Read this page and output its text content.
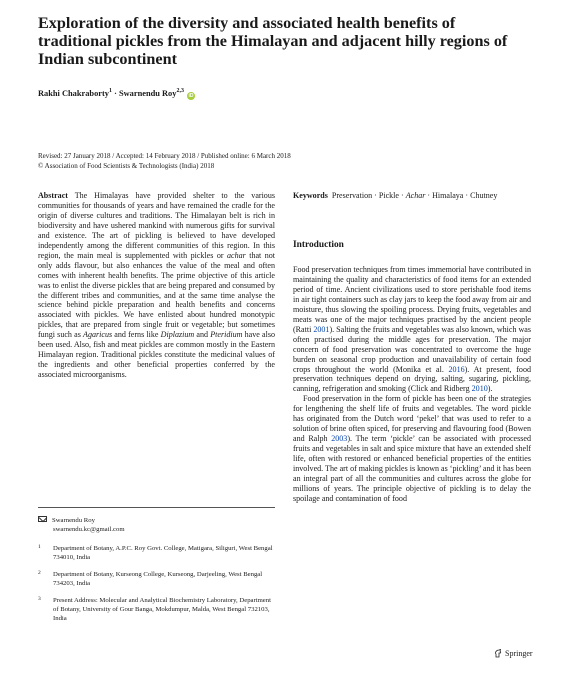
Exploration of the diversity and associated health benefits of traditional pickles from the Himalayan and adjacent hilly regions of Indian subcontinent
Rakhi Chakraborty$^1$ · Swarnendu Roy$^{2,3}$ iD
Revised: 27 January 2018 / Accepted: 14 February 2018 / Published online: 6 March 2018
© Association of Food Scientists & Technologists (India) 2018

Abstract The Himalayas have provided shelter to the various communities for thousands of years and have remained the cradle for the origin of diverse cultures and traditions. The Himalayan belt is rich in biodiversity and have ushered mankind with numerous gifts for survival and existence. The art of pickling is believed to have developed independently among the different communities of this region. In this region, the main meal is supplemented with pickles or achar that not only adds flavour, but also enhances the value of the meal and often comes with inherent health benefits. The prime objective of this article was to enlist the diverse pickles that are being prepared and consumed by the different tribes and communities, and at the same time analyse the science behind pickle preparation and health benefits and concerns associated with pickles. We have enlisted about hundred monotypic pickles, that are prepared from single fruit or vegetable; but sometimes fungi such as Agaricus and ferns like Diplazium and Pteridium have also been used. Also, fish and meat pickles are common mostly in the Eastern Himalayan region. Traditional pickles constitute the medicinal values of the ingredients and other beneficial properties conferred by the associated microorganisms.

Keywords Preservation · Pickle · Achar · Himalaya · Chutney

Introduction

Food preservation techniques from times immemorial have contributed in maintaining the quality and characteristics of food items for an extended period of time. Ancient civilizations used to store perishable food items in air tight containers such as clay jars to keep the food away from air and moisture, thus slowing the spoiling process. Drying fruits, vegetables and meats was one of the major techniques practised by the ancient people (Ratti 2001). Salting the fruits and vegetables was also known, which was often practised during the middle ages for preservation. The major concern of food preservation was concentrated to overcome the huge burden on seasonal crop production and unavailability of certain food crops throughout the world (Monika et al. 2016). At present, food preservation techniques depend on drying, salting, sugaring, pickling, canning, refrigeration and smoking (Click and Ridberg 2010).

Food preservation in the form of pickle has been one of the strategies for lengthening the shelf life of fruits and vegetables. The word pickle has originated from the Dutch word ‘pekel’ that was used to refer to a solution of brine often spiced, for preserving and flavouring food (Bowen and Ralph 2003). The term ‘pickle’ can be associated with processed fruits and vegetables in salt and spice mixture that have an extended shelf life, often with restored or enhanced beneficial properties of the entities involved. The art of making pickles is known as ‘pickling’ and it has been an integral part of all the communities and cultures across the globe for millions of years. The principle objective of pickling is to delay the spoilage and contamination of food

Swarnendu Roy
swarnendu.kc@gmail.com
1 Department of Botany, A.P.C. Roy Govt. College, Matigara, Siliguri, West Bengal 734010, India
2 Department of Botany, Kurseong College, Kurseong, Darjeeling, West Bengal 734203, India
3 Present Address: Molecular and Analytical Biochemistry Laboratory, Department of Botany, University of Gour Banga, Mokdumpur, Malda, West Bengal 732103, India
Springer
